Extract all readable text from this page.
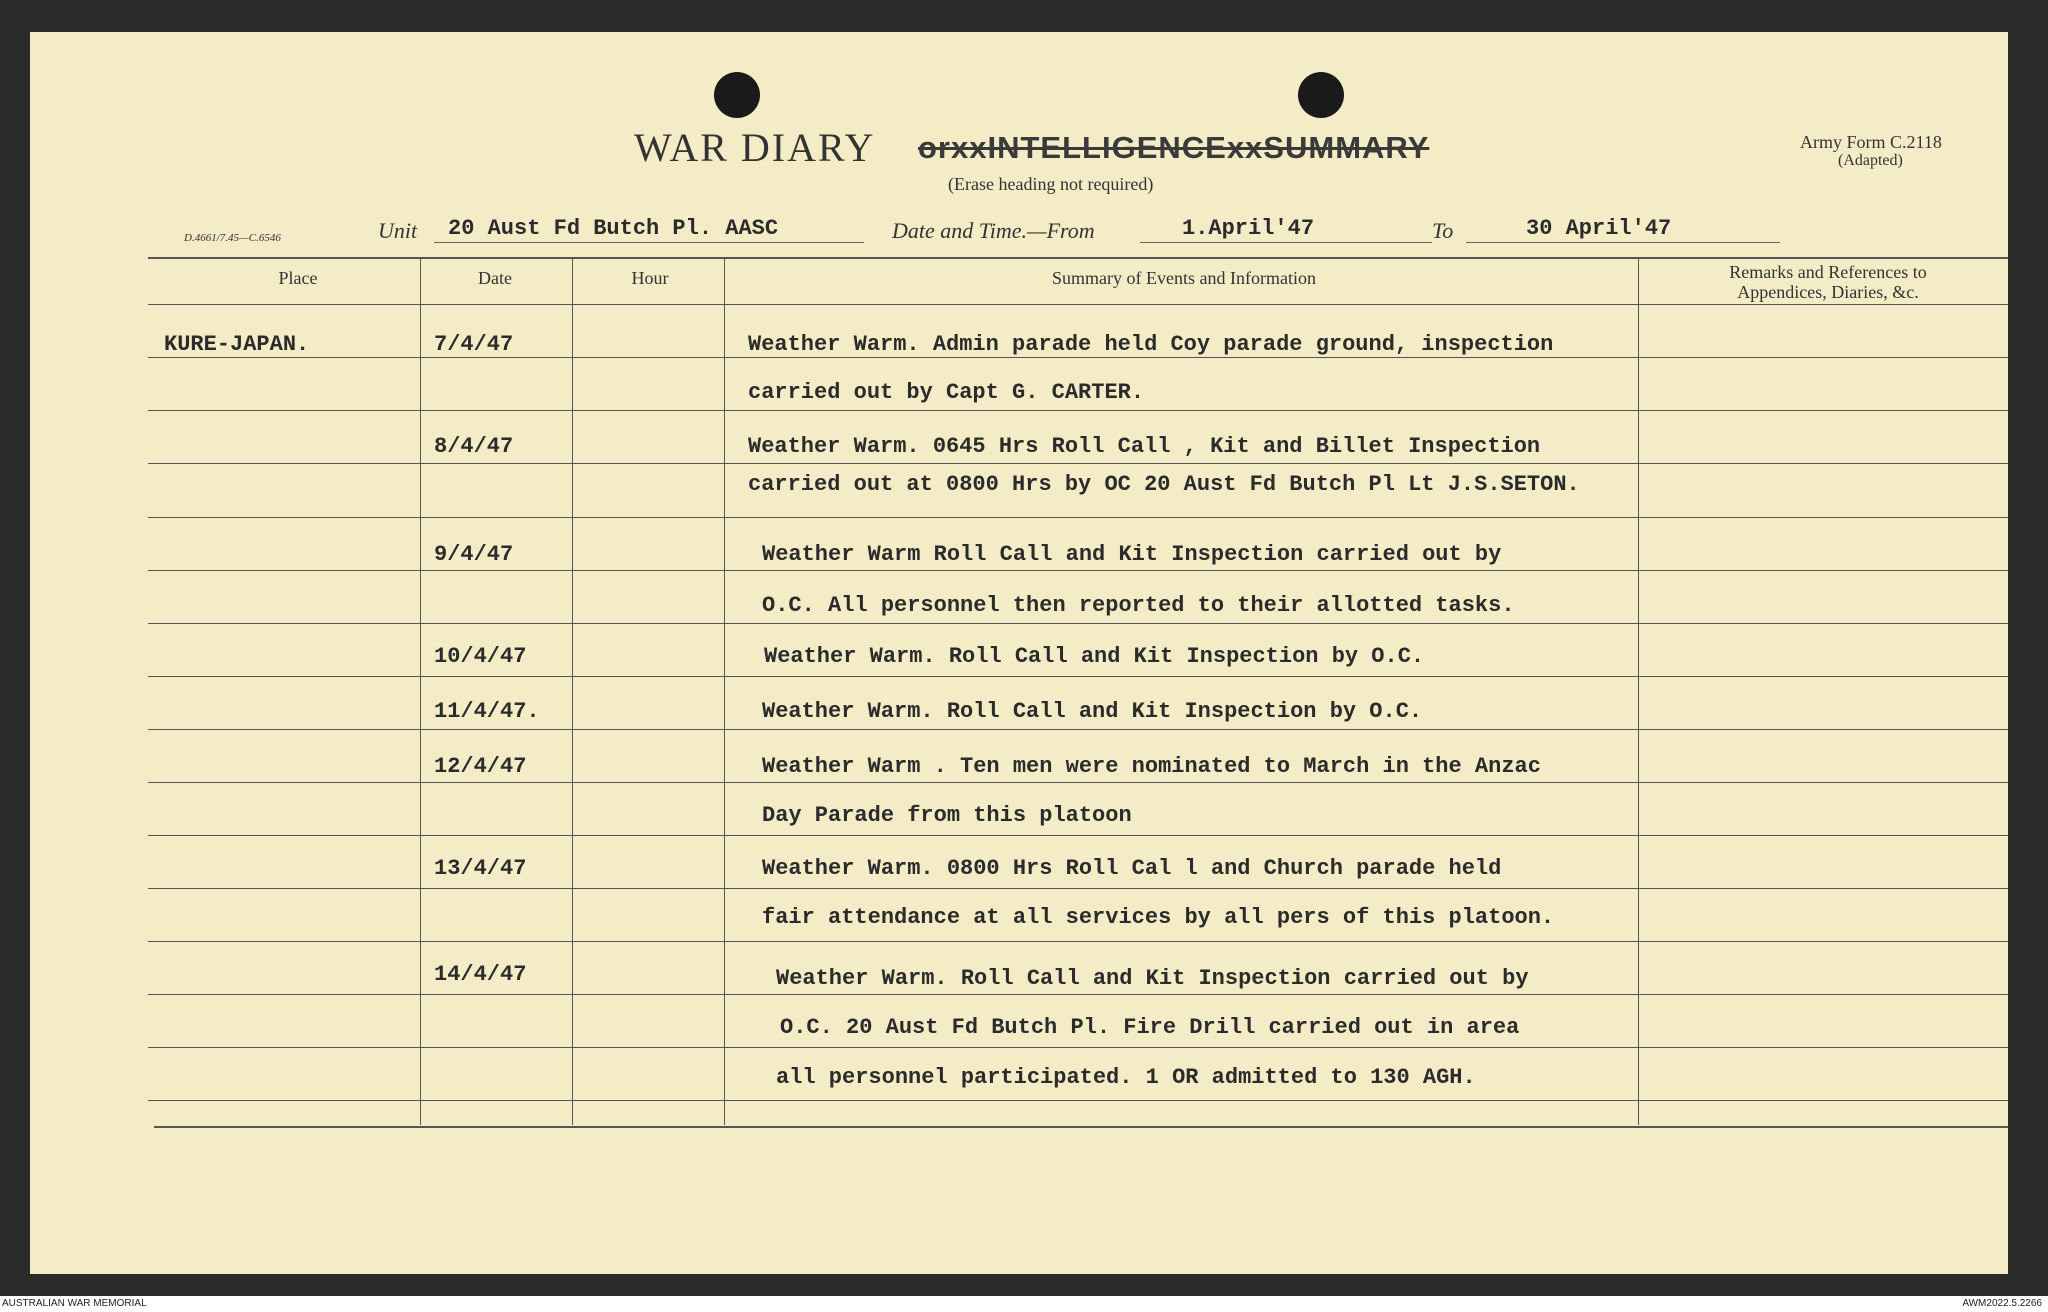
WAR DIARY orxxINTELLIGENCExxSUMMARY
(Erase heading not required)
Army Form C.2118
(Adapted)
D.4661/7.45—C.6546	Unit 20 Aust Fd Butch Pl. AASC	Date and Time.—From	1.April'47	To	30 April'47
Place	Date	Hour	Summary of Events and Information	Remarks and References to
Appendices, Diaries, &c.
KURE-JAPAN.	7/4/47	Weather Warm. Admin parade held Coy parade ground, inspection
carried out by Capt G. CARTER.
8/4/47	Weather Warm. 0645 Hrs Roll Call , Kit and Billet Inspection
carried out at 0800 Hrs by OC 20 Aust Fd Butch Pl Lt J.S.SETON.
9/4/47	Weather Warm Roll Call and Kit Inspection carried out by
O.C. All personnel then reported to their allotted tasks.
10/4/47	Weather Warm. Roll Call and Kit Inspection by O.C.
11/4/47.	Weather Warm. Roll Call and Kit Inspection by O.C.
12/4/47	Weather Warm . Ten men were nominated to March in the Anzac
Day Parade from this platoon
13/4/47	Weather Warm. 0800 Hrs Roll Cal l and Church parade held
fair attendance at all services by all pers of this platoon.
14/4/47	Weather Warm. Roll Call and Kit Inspection carried out by
O.C. 20 Aust Fd Butch Pl. Fire Drill carried out in area
all personnel participated. 1 OR admitted to 130 AGH.
AUSTRALIAN WAR MEMORIAL	AWM2022.5.2266
